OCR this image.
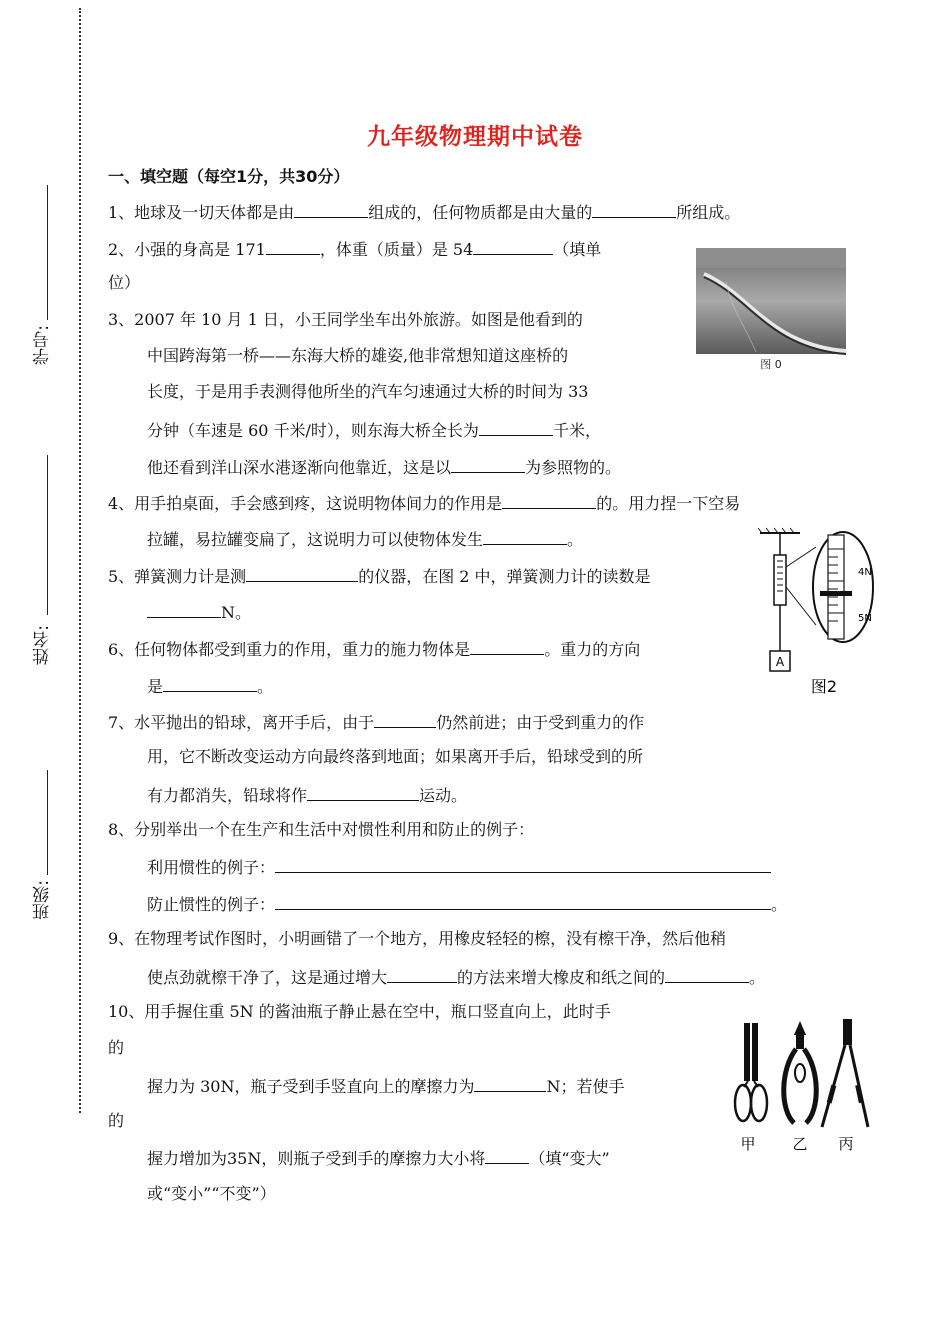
学号:
姓名:
班级:
九年级物理期中试卷
一、填空题（每空1分，共30分）
1、地球及一切天体都是由	组成的，任何物质都是由大量的	所组成。
2、小强的身高是 171	，体重（质量）是 54	（填单
位）
3、2007 年 10 月 1 日，小王同学坐车出外旅游。如图是他看到的
中国跨海第一桥——东海大桥的雄姿,他非常想知道这座桥的
长度，于是用手表测得他所坐的汽车匀速通过大桥的时间为 33
分钟（车速是 60 千米/时），则东海大桥全长为	千米，
他还看到洋山深水港逐渐向他靠近，这是以	为参照物的。
图 0
4、用手拍桌面，手会感到疼，这说明物体间力的作用是	的。用力捏一下空易
拉罐，易拉罐变扁了，这说明力可以使物体发生	。
5、弹簧测力计是测	的仪器，在图 2 中，弹簧测力计的读数是
N。
A
4N
5N
图2
6、任何物体都受到重力的作用，重力的施力物体是	。重力的方向
是	。
7、水平抛出的铅球，离开手后，由于	仍然前进；由于受到重力的作
用，它不断改变运动方向最终落到地面；如果离开手后，铅球受到的所
有力都消失，铅球将作	运动。
8、分别举出一个在生产和生活中对惯性利用和防止的例子：
利用惯性的例子：
防止惯性的例子：	。
9、在物理考试作图时，小明画错了一个地方，用橡皮轻轻的檫，没有檫干净，然后他稍
使点劲就檫干净了，这是通过增大	的方法来增大橡皮和纸之间的	。
10、用手握住重 5N 的酱油瓶子静止悬在空中，瓶口竖直向上，此时手
的
握力为 30N，瓶子受到手竖直向上的摩擦力为	N；若使手
的
握力增加为35N，则瓶子受到手的摩擦力大小将	（填“变大”
或“变小”“不变”）
甲 乙 丙
